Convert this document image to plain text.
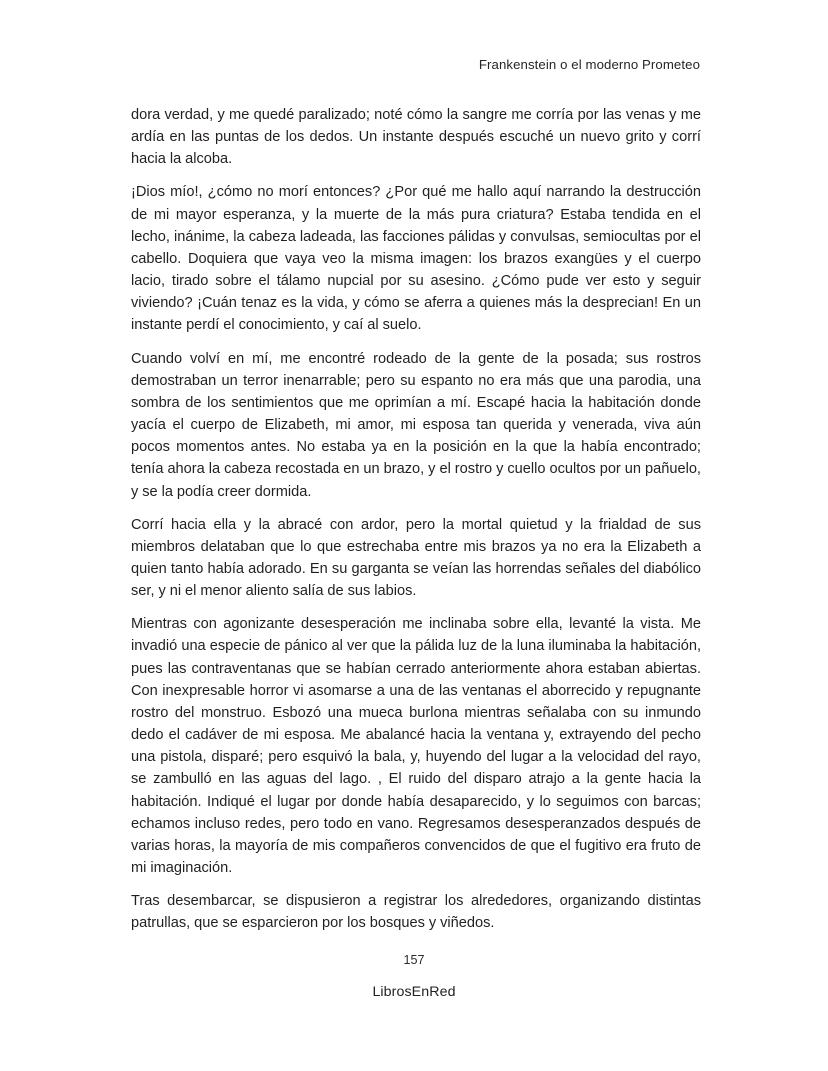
Frankenstein o el moderno Prometeo

dora verdad, y me quedé paralizado; noté cómo la sangre me corría por las venas y me ardía en las puntas de los dedos. Un instante después escuché un nuevo grito y corrí hacia la alcoba.

¡Dios mío!, ¿cómo no morí entonces? ¿Por qué me hallo aquí narrando la destrucción de mi mayor esperanza, y la muerte de la más pura criatura? Estaba tendida en el lecho, inánime, la cabeza ladeada, las facciones pálidas y convulsas, semiocultas por el cabello. Doquiera que vaya veo la misma imagen: los brazos exangües y el cuerpo lacio, tirado sobre el tálamo nupcial por su asesino. ¿Cómo pude ver esto y seguir viviendo? ¡Cuán tenaz es la vida, y cómo se aferra a quienes más la desprecian! En un instante perdí el conocimiento, y caí al suelo.

Cuando volví en mí, me encontré rodeado de la gente de la posada; sus rostros demostraban un terror inenarrable; pero su espanto no era más que una parodia, una sombra de los sentimientos que me oprimían a mí. Escapé hacia la habitación donde yacía el cuerpo de Elizabeth, mi amor, mi esposa tan querida y venerada, viva aún pocos momentos antes. No estaba ya en la posición en la que la había encontrado; tenía ahora la cabeza recostada en un brazo, y el rostro y cuello ocultos por un pañuelo, y se la podía creer dormida.

Corrí hacia ella y la abracé con ardor, pero la mortal quietud y la frialdad de sus miembros delataban que lo que estrechaba entre mis brazos ya no era la Elizabeth a quien tanto había adorado. En su garganta se veían las horrendas señales del diabólico ser, y ni el menor aliento salía de sus labios.

Mientras con agonizante desesperación me inclinaba sobre ella, levanté la vista. Me invadió una especie de pánico al ver que la pálida luz de la luna iluminaba la habitación, pues las contraventanas que se habían cerrado anteriormente ahora estaban abiertas. Con inexpresable horror vi asomarse a una de las ventanas el aborrecido y repugnante rostro del monstruo. Esbozó una mueca burlona mientras señalaba con su inmundo dedo el cadáver de mi esposa. Me abalancé hacia la ventana y, extrayendo del pecho una pistola, disparé; pero esquivó la bala, y, huyendo del lugar a la velocidad del rayo, se zambulló en las aguas del lago. , El ruido del disparo atrajo a la gente hacia la habitación. Indiqué el lugar por donde había desaparecido, y lo seguimos con barcas; echamos incluso redes, pero todo en vano. Regresamos desesperanzados después de varias horas, la mayoría de mis compañeros convencidos de que el fugitivo era fruto de mi imaginación.

Tras desembarcar, se dispusieron a registrar los alrededores, organizando distintas patrullas, que se esparcieron por los bosques y viñedos.

157
LibrosEnRed
